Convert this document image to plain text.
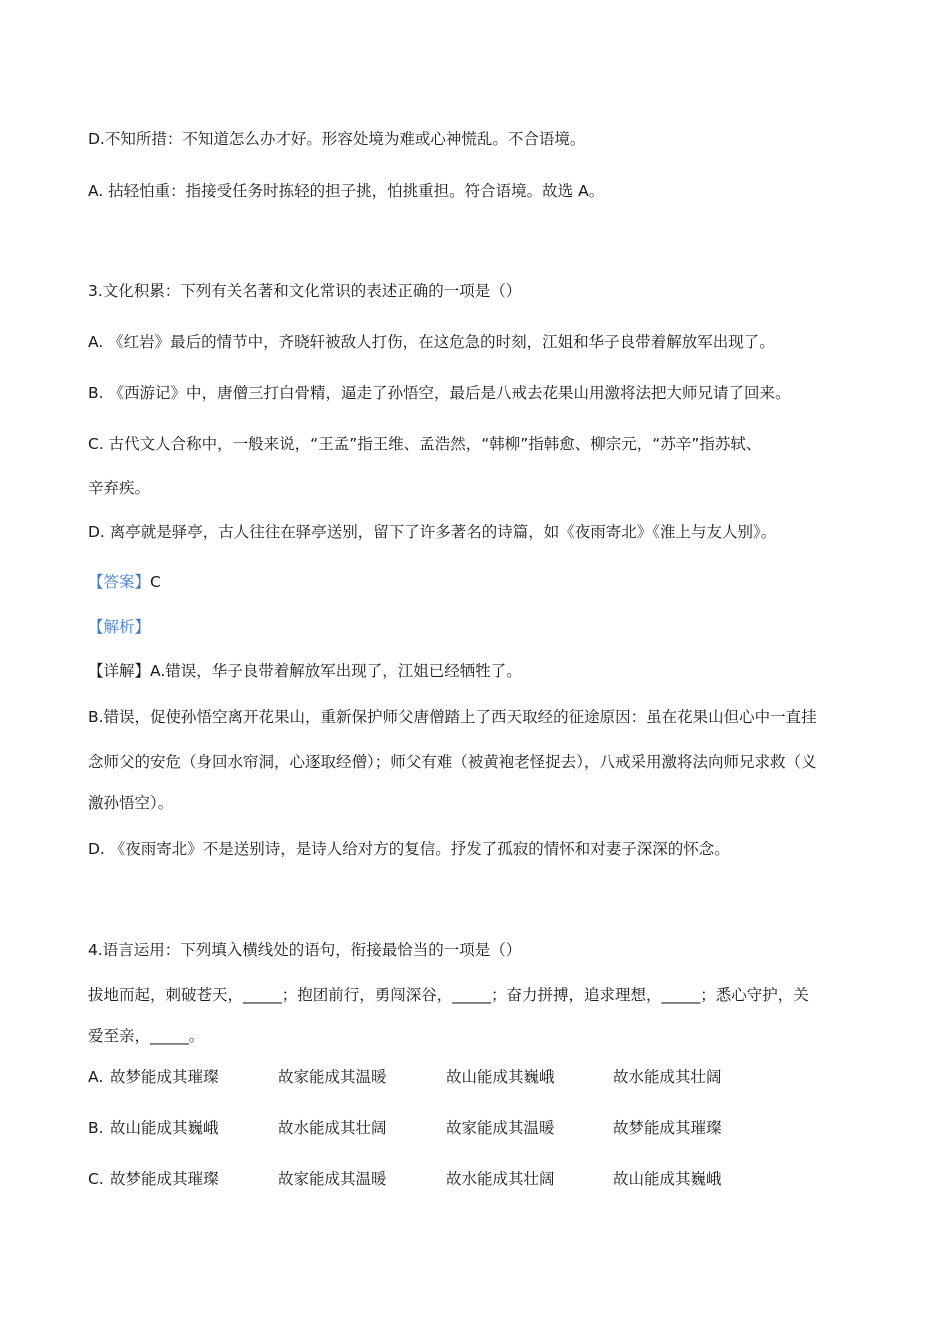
D.不知所措：不知道怎么办才好。形容处境为难或心神慌乱。不合语境。
A. 拈轻怕重：指接受任务时拣轻的担子挑，怕挑重担。符合语境。故选 A。
3.文化积累：下列有关名著和文化常识的表述正确的一项是（）
A. 《红岩》最后的情节中，齐晓轩被敌人打伤，在这危急的时刻，江姐和华子良带着解放军出现了。
B. 《西游记》中，唐僧三打白骨精，逼走了孙悟空，最后是八戒去花果山用激将法把大师兄请了回来。
C. 古代文人合称中，一般来说，“王孟”指王维、孟浩然，“韩柳”指韩愈、柳宗元，“苏辛”指苏轼、
辛弃疾。
D. 离亭就是驿亭，古人往往在驿亭送别，留下了许多著名的诗篇，如《夜雨寄北》《淮上与友人别》。
【答案】C
【解析】
【详解】A.错误，华子良带着解放军出现了，江姐已经牺牲了。
B.错误，促使孙悟空离开花果山，重新保护师父唐僧踏上了西天取经的征途原因：虽在花果山但心中一直挂
念师父的安危（身回水帘洞，心逐取经僧）；师父有难（被黄袍老怪捉去），八戒采用激将法向师兄求救（义
激孙悟空）。
D. 《夜雨寄北》不是送别诗，是诗人给对方的复信。抒发了孤寂的情怀和对妻子深深的怀念。
4.语言运用：下列填入横线处的语句，衔接最恰当的一项是（）
拔地而起，刺破苍天，_____；抱团前行，勇闯深谷，_____；奋力拼搏，追求理想，_____；悉心守护，关
爱至亲，_____。
A. 故梦能成其璀璨	故家能成其温暖	故山能成其巍峨	故水能成其壮阔
B. 故山能成其巍峨	故水能成其壮阔	故家能成其温暖	故梦能成其璀璨
C. 故梦能成其璀璨	故家能成其温暖	故水能成其壮阔	故山能成其巍峨
